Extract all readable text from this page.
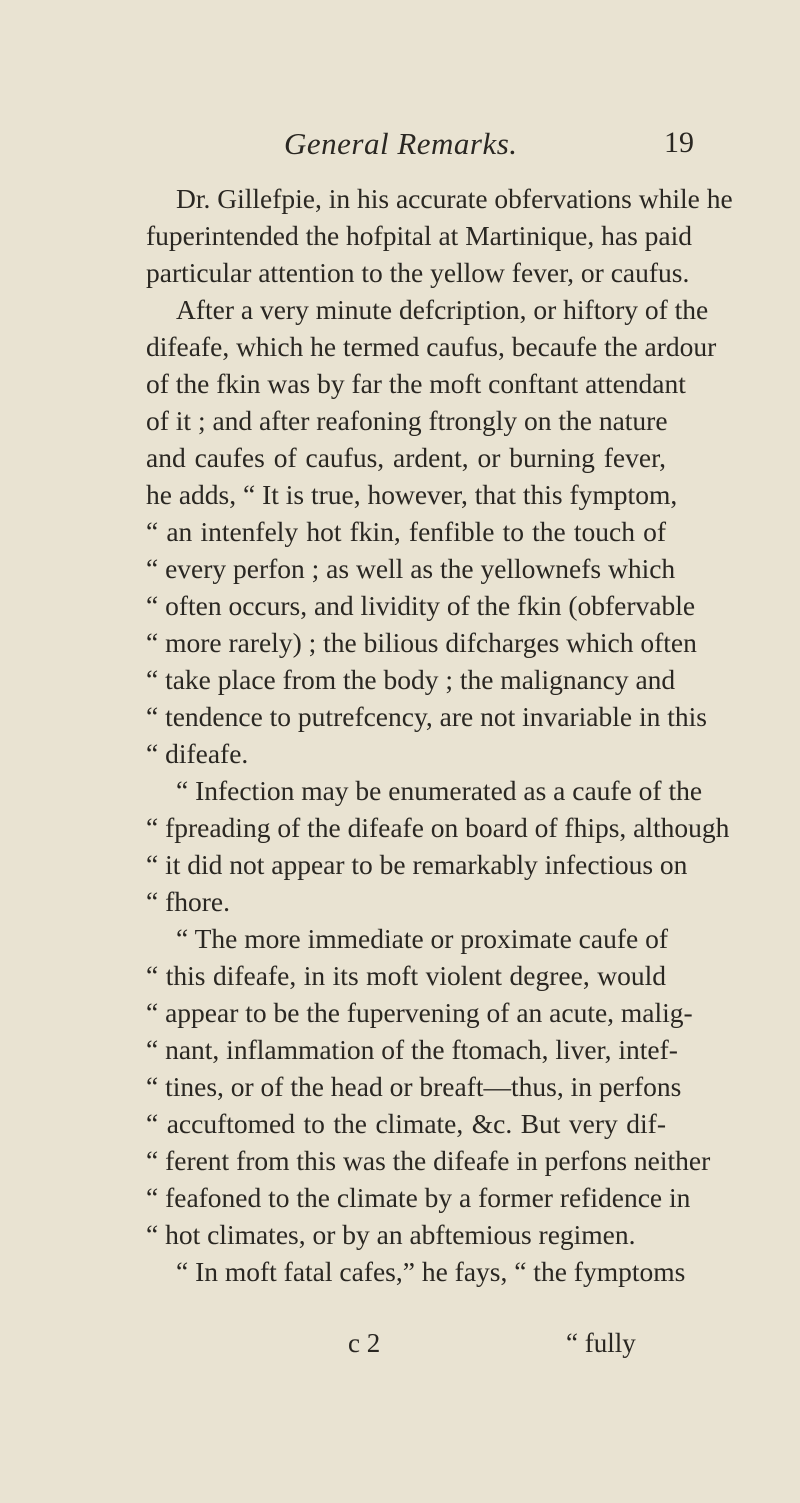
General Remarks.	19
Dr. Gillefpie, in his accurate obfervations while he
fuperintended the hofpital at Martinique, has paid
particular attention to the yellow fever, or caufus.
After a very minute defcription, or hiftory of the
difeafe, which he termed caufus, becaufe the ardour
of the fkin was by far the moft conftant attendant
of it ; and after reafoning ftrongly on the nature
and caufes of caufus, ardent, or burning fever,
he adds, “ It is true, however, that this fymptom,
“ an intenfely hot fkin, fenfible to the touch of
“ every perfon ; as well as the yellownefs which
“ often occurs, and lividity of the fkin (obfervable
“ more rarely) ; the bilious difcharges which often
“ take place from the body ; the malignancy and
“ tendence to putrefcency, are not invariable in this
“ difeafe.
“ Infection may be enumerated as a caufe of the
“ fpreading of the difeafe on board of fhips, although
“ it did not appear to be remarkably infectious on
“ fhore.
“ The more immediate or proximate caufe of
“ this difeafe, in its moft violent degree, would
“ appear to be the fupervening of an acute, malig-
“ nant, inflammation of the ftomach, liver, intef-
“ tines, or of the head or breaft—thus, in perfons
“ accuftomed to the climate, &c. But very dif-
“ ferent from this was the difeafe in perfons neither
“ feafoned to the climate by a former refidence in
“ hot climates, or by an abftemious regimen.
“ In moft fatal cafes,” he fays, “ the fymptoms
c 2	“ fully
